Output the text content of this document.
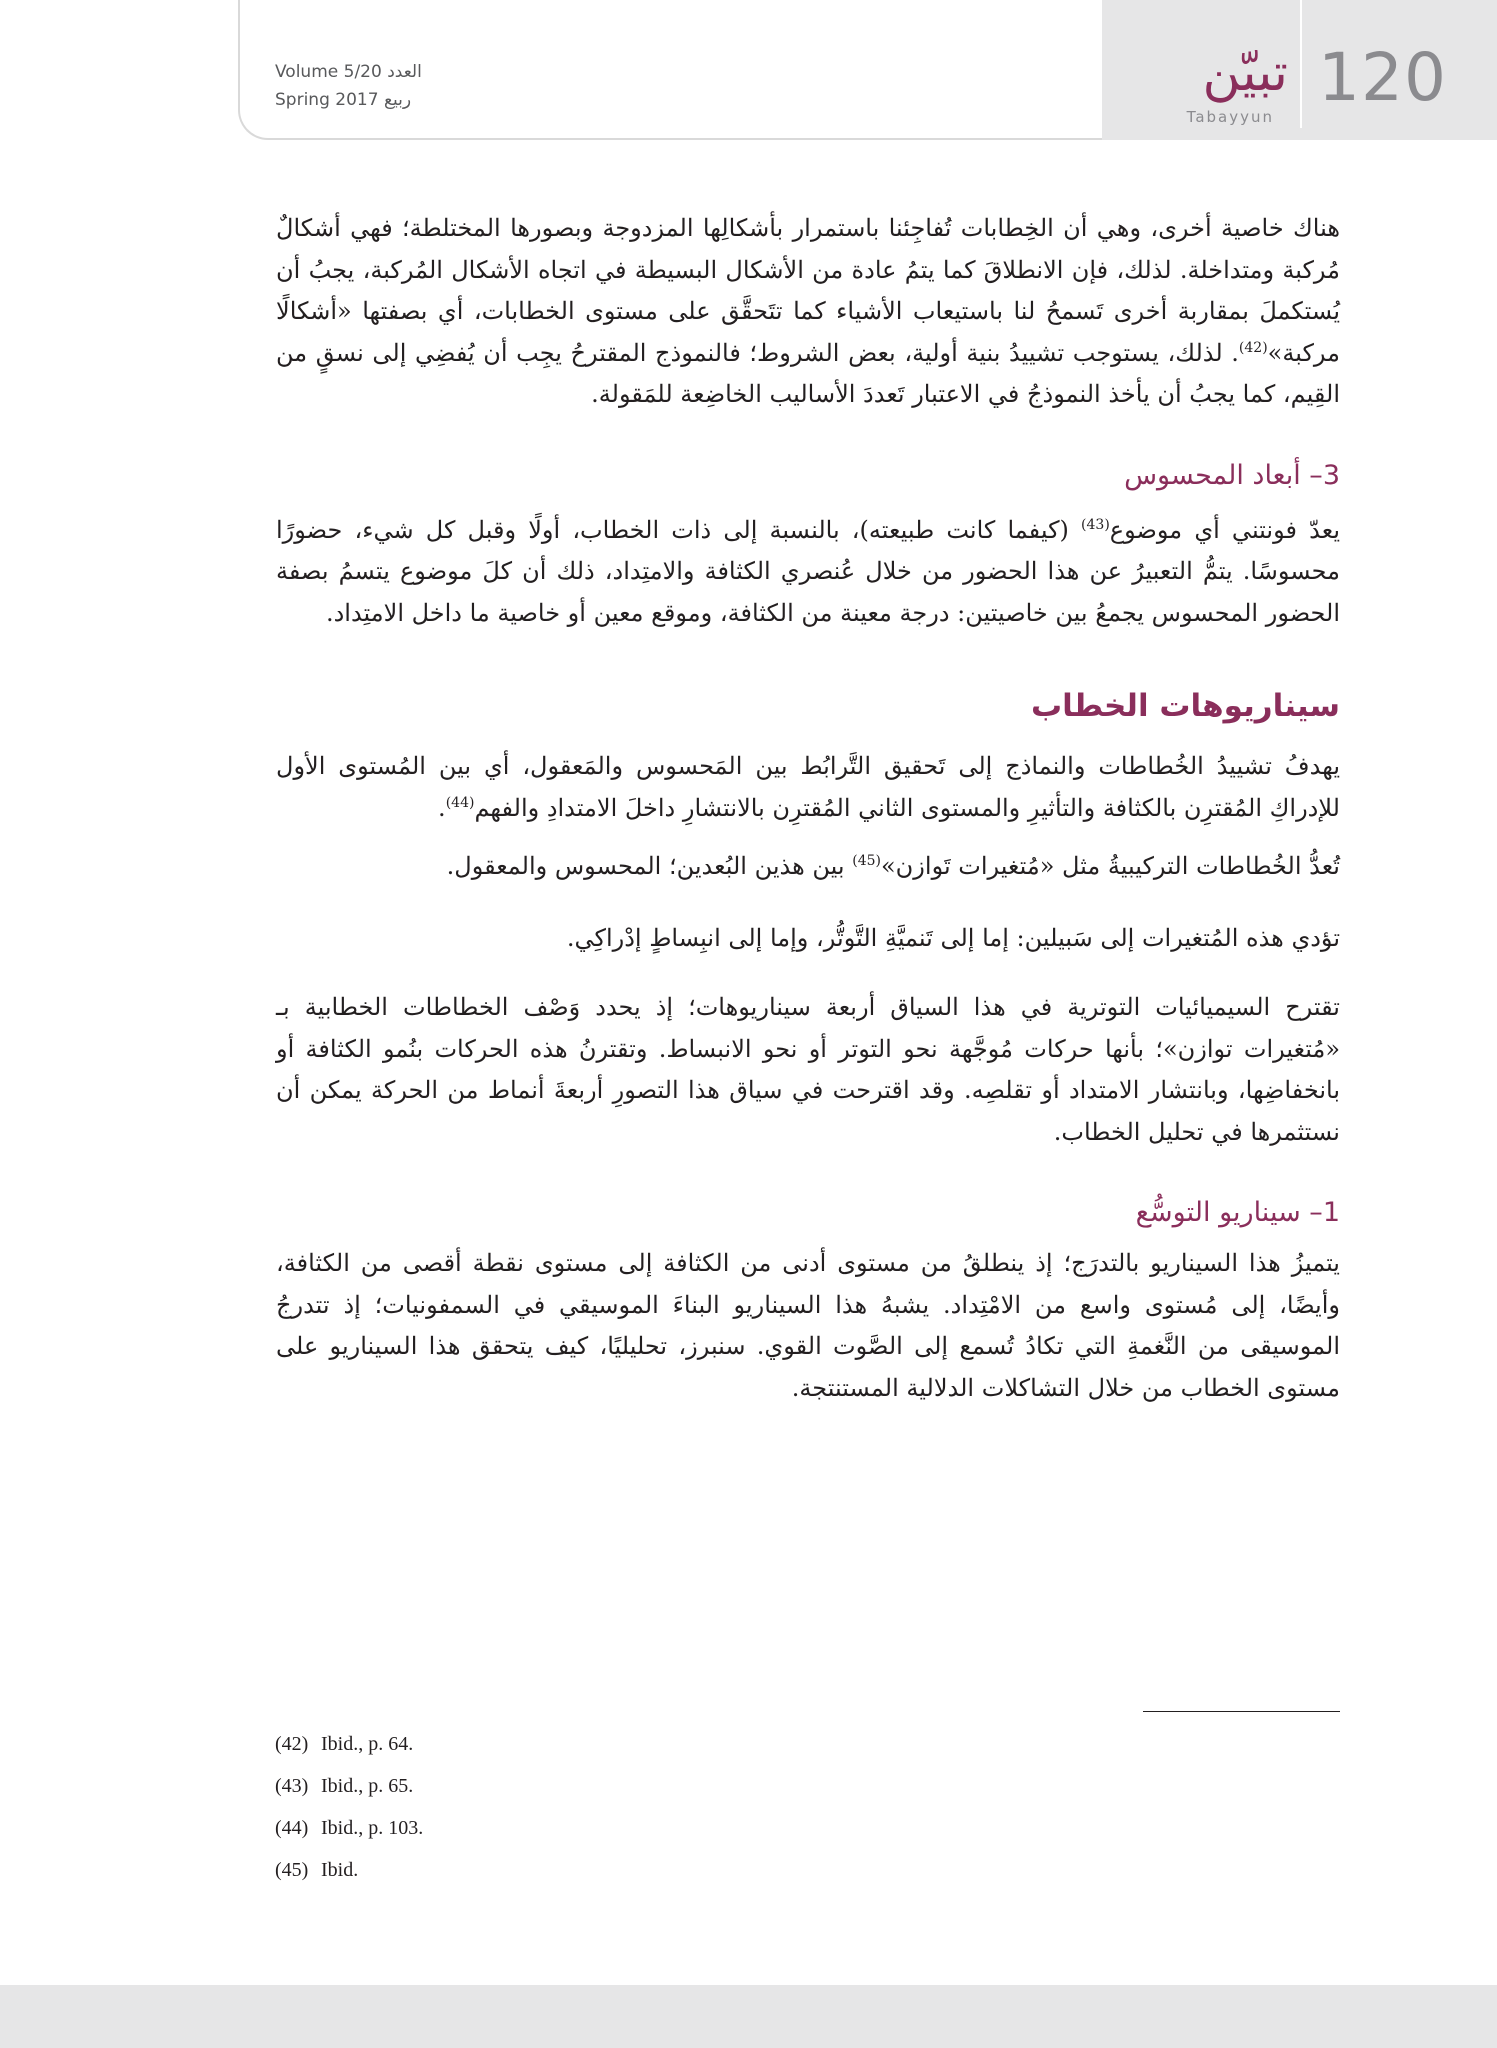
120
تبيّن
Tabayyun
Volume 5/20 العدد
Spring 2017 ربيع

هناك خاصية أخرى، وهي أن الخِطابات تُفاجِئنا باستمرار بأشكالِها المزدوجة وبصورها المختلطة؛ فهي أشكالٌ مُركبة ومتداخلة. لذلك، فإن الانطلاقَ كما يتمُ عادة من الأشكال البسيطة في اتجاه الأشكال المُركبة، يجبُ أن يُستكملَ بمقاربة أخرى تَسمحُ لنا باستيعاب الأشياء كما تتَحقَّق على مستوى الخطابات، أي بصفتها «أشكالًا مركبة»$^{(42)}$. لذلك، يستوجب تشييدُ بنية أولية، بعض الشروط؛ فالنموذج المقترحُ يجِب أن يُفضِي إلى نسقٍ من القِيم، كما يجبُ أن يأخذ النموذجُ في الاعتبار تَعددَ الأساليب الخاضِعة للمَقولة.

3– أبعاد المحسوس

يعدّ فونتني أي موضوع$^{(43)}$ (كيفما كانت طبيعته)، بالنسبة إلى ذات الخطاب، أولًا وقبل كل شيء، حضورًا محسوسًا. يتمُّ التعبيرُ عن هذا الحضور من خلال عُنصري الكثافة والامتِداد، ذلك أن كلَ موضوع يتسمُ بصفة الحضور المحسوس يجمعُ بين خاصيتين: درجة معينة من الكثافة، وموقع معين أو خاصية ما داخل الامتِداد.

سيناريوهات الخطاب

يهدفُ تشييدُ الخُطاطات والنماذج إلى تَحقيق التَّرابُط بين المَحسوس والمَعقول، أي بين المُستوى الأول للإدراكِ المُقترِن بالكثافة والتأثيرِ والمستوى الثاني المُقترِن بالانتشارِ داخلَ الامتدادِ والفهم$^{(44)}$.

تُعدُّ الخُطاطات التركيبيةُ مثل «مُتغيرات تَوازن»$^{(45)}$ بين هذين البُعدين؛ المحسوس والمعقول.

تؤدي هذه المُتغيرات إلى سَبيلين: إما إلى تَنميَّةِ التَّوتُّر، وإما إلى انبِساطٍ إدْراكِي.

تقترح السيميائيات التوترية في هذا السياق أربعة سيناريوهات؛ إذ يحدد وَصْف الخطاطات الخطابية بـ «مُتغيرات توازن»؛ بأنها حركات مُوجَّهة نحو التوتر أو نحو الانبساط. وتقترنُ هذه الحركات بنُمو الكثافة أو بانخفاضِها، وبانتشار الامتداد أو تقلصِه. وقد اقترحت في سياق هذا التصورِ أربعةَ أنماط من الحركة يمكن أن نستثمرها في تحليل الخطاب.

1– سيناريو التوسُّع

يتميزُ هذا السيناريو بالتدرَج؛ إذ ينطلقُ من مستوى أدنى من الكثافة إلى مستوى نقطة أقصى من الكثافة، وأيضًا، إلى مُستوى واسع من الامْتِداد. يشبهُ هذا السيناريو البناءَ الموسيقي في السمفونيات؛ إذ تتدرجُ الموسيقى من النَّغمةِ التي تكادُ تُسمع إلى الصَّوت القوي. سنبرز، تحليليًا، كيف يتحقق هذا السيناريو على مستوى الخطاب من خلال التشاكلات الدلالية المستنتجة.

(42) Ibid., p. 64.
(43) Ibid., p. 65.
(44) Ibid., p. 103.
(45) Ibid.
